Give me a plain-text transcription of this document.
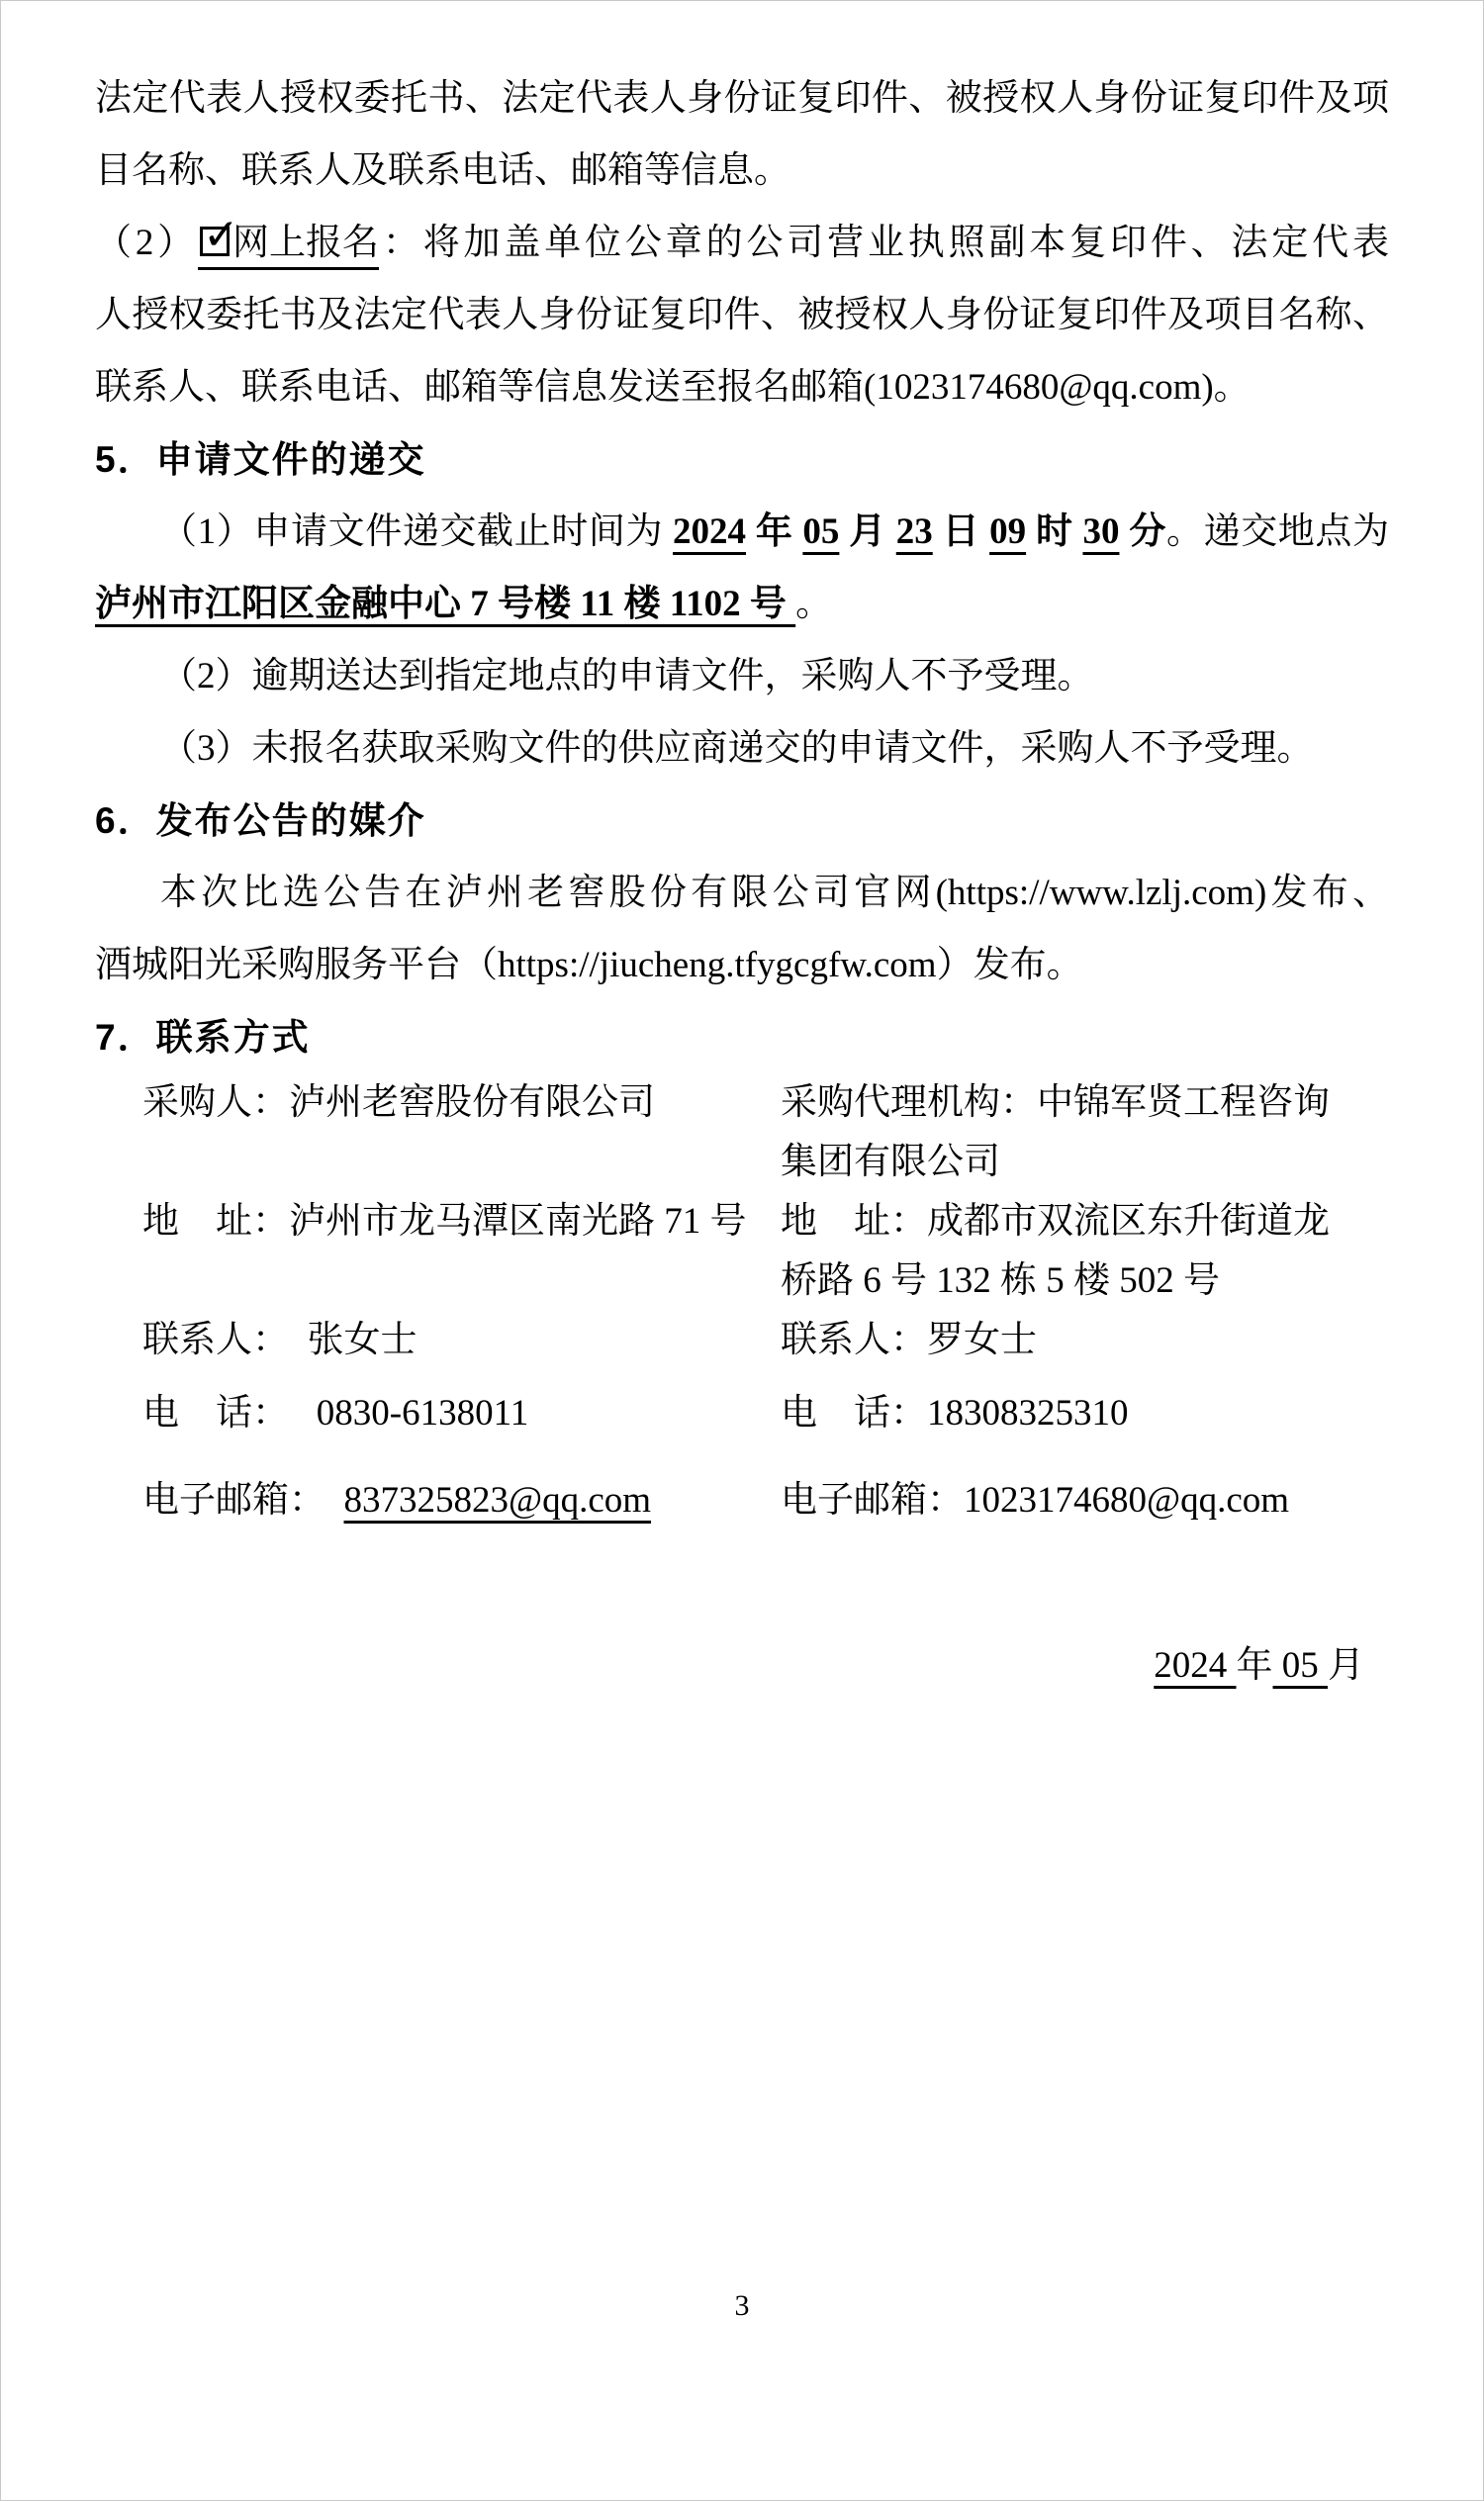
法定代表人授权委托书、法定代表人身份证复印件、被授权人身份证复印件及项
目名称、联系人及联系电话、邮箱等信息。
（2） ✓ 网上报名：将加盖单位公章的公司营业执照副本复印件、法定代表
人授权委托书及法定代表人身份证复印件、被授权人身份证复印件及项目名称、
联系人、联系电话、邮箱等信息发送至报名邮箱(1023174680@qq.com)。
5．申请文件的递交
（1）申请文件递交截止时间为 2024 年 05 月 23 日 09 时 30 分。递交地点为
泸州市江阳区金融中心 7 号楼 11 楼 1102 号 。
（2）逾期送达到指定地点的申请文件，采购人不予受理。
（3）未报名获取采购文件的供应商递交的申请文件，采购人不予受理。
6．发布公告的媒介
本次比选公告在泸州老窖股份有限公司官网(https://www.lzlj.com)发布、
酒城阳光采购服务平台（https://jiucheng.tfygcgfw.com）发布。
7．联系方式
采购人：泸州老窖股份有限公司	采购代理机构：中锦军贤工程咨询
集团有限公司
地　址：泸州市龙马潭区南光路 71 号 地　址：成都市双流区东升街道龙
桥路 6 号 132 栋 5 楼 502 号
联系人：　张女士	联系人：罗女士
电　话：　 0830-6138011	电　话：18308325310
电子邮箱：　837325823@qq.com	电子邮箱：1023174680@qq.com
2024 年 05 月
3
